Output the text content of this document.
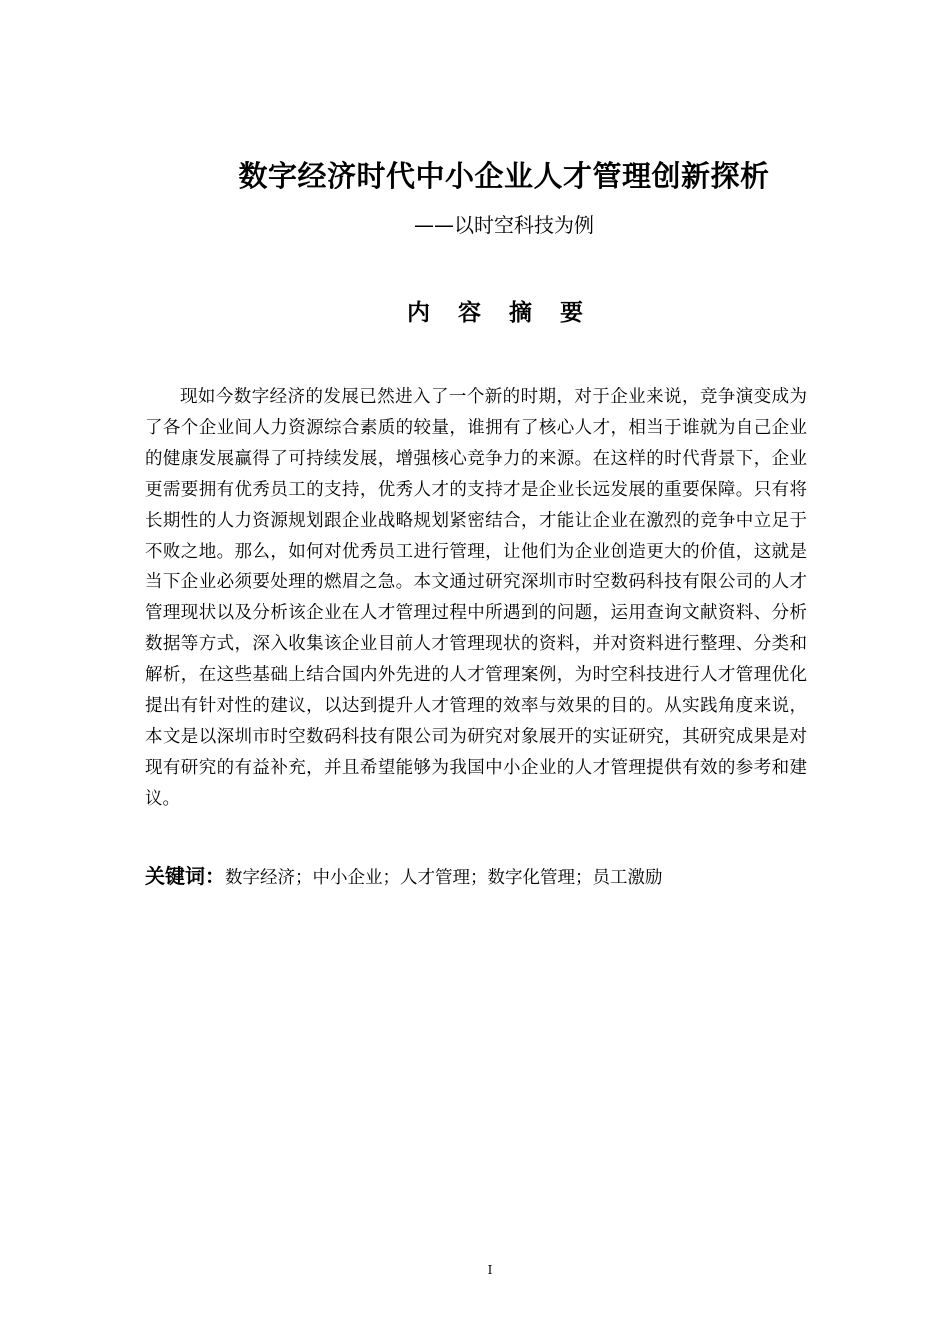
数字经济时代中小企业人才管理创新探析
——以时空科技为例
内 容 摘 要

现如今数字经济的发展已然进入了一个新的时期，对于企业来说，竞争演变成为了各个企业间人力资源综合素质的较量，谁拥有了核心人才，相当于谁就为自己企业的健康发展赢得了可持续发展，增强核心竞争力的来源。在这样的时代背景下，企业更需要拥有优秀员工的支持，优秀人才的支持才是企业长远发展的重要保障。只有将长期性的人力资源规划跟企业战略规划紧密结合，才能让企业在激烈的竞争中立足于不败之地。那么，如何对优秀员工进行管理，让他们为企业创造更大的价值，这就是当下企业必须要处理的燃眉之急。本文通过研究深圳市时空数码科技有限公司的人才管理现状以及分析该企业在人才管理过程中所遇到的问题，运用查询文献资料、分析数据等方式，深入收集该企业目前人才管理现状的资料，并对资料进行整理、分类和解析，在这些基础上结合国内外先进的人才管理案例，为时空科技进行人才管理优化提出有针对性的建议，以达到提升人才管理的效率与效果的目的。从实践角度来说，本文是以深圳市时空数码科技有限公司为研究对象展开的实证研究，其研究成果是对现有研究的有益补充，并且希望能够为我国中小企业的人才管理提供有效的参考和建议。

关键词：数字经济；中小企业；人才管理；数字化管理；员工激励
I
